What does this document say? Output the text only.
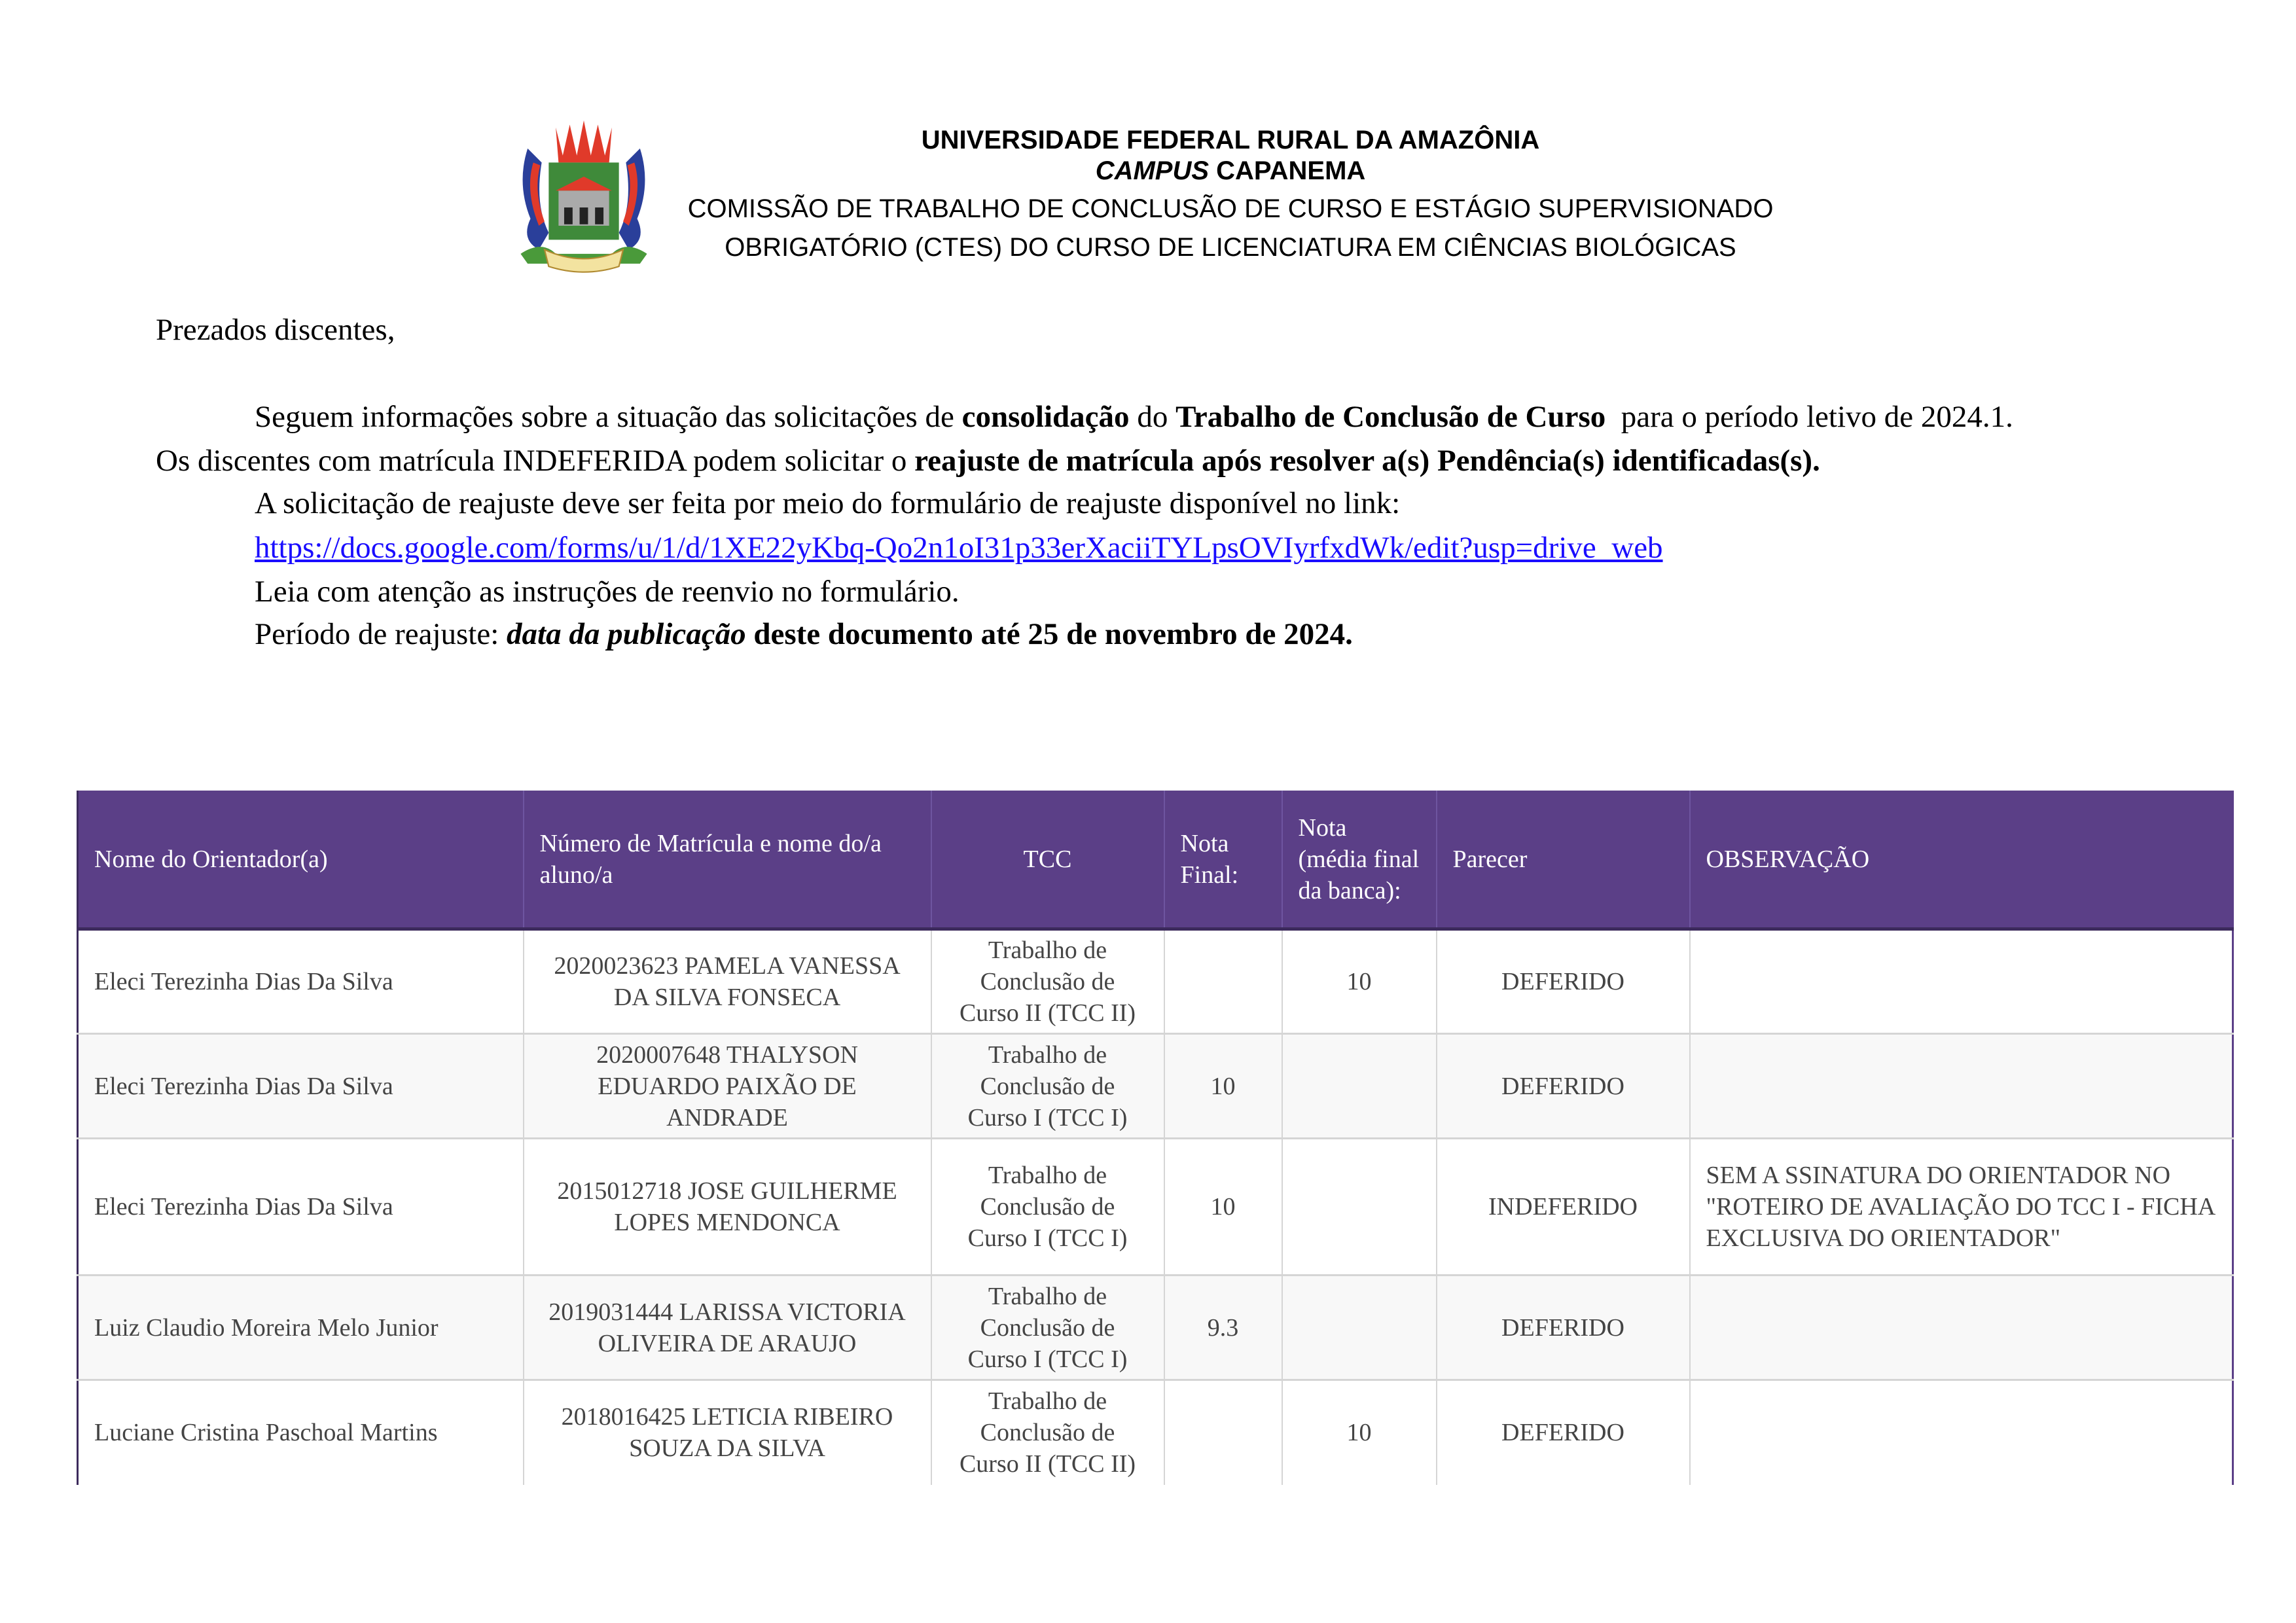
UNIVERSIDADE FEDERAL RURAL DA AMAZÔNIA
CAMPUS CAPANEMA
COMISSÃO DE TRABALHO DE CONCLUSÃO DE CURSO E ESTÁGIO SUPERVISIONADO
OBRIGATÓRIO (CTES) DO CURSO DE LICENCIATURA EM CIÊNCIAS BIOLÓGICAS
Prezados discentes,
Seguem informações sobre a situação das solicitações de consolidação do Trabalho de Conclusão de Curso  para o período letivo de 2024.1.
Os discentes com matrícula INDEFERIDA podem solicitar o reajuste de matrícula após resolver a(s) Pendência(s) identificadas(s).
A solicitação de reajuste deve ser feita por meio do formulário de reajuste disponível no link:
https://docs.google.com/forms/u/1/d/1XE22yKbq-Qo2n1oI31p33erXaciiTYLpsOVIyrfxdWk/edit?usp=drive_web
Leia com atenção as instruções de reenvio no formulário.
Período de reajuste: data da publicação deste documento até 25 de novembro de 2024.
Nome do Orientador(a)	Número de Matrícula e nome do/a aluno/a	TCC	Nota Final:	Nota (média final da banca):	Parecer	OBSERVAÇÃO
Eleci Terezinha Dias Da Silva	2020023623 PAMELA VANESSA DA SILVA FONSECA	Trabalho de Conclusão de Curso II (TCC II)		10	DEFERIDO	
Eleci Terezinha Dias Da Silva	2020007648 THALYSON EDUARDO PAIXÃO DE ANDRADE	Trabalho de Conclusão de Curso I (TCC I)	10		DEFERIDO	
Eleci Terezinha Dias Da Silva	2015012718 JOSE GUILHERME LOPES MENDONCA	Trabalho de Conclusão de Curso I (TCC I)	10		INDEFERIDO	SEM A SSINATURA DO ORIENTADOR NO "ROTEIRO DE AVALIAÇÃO DO TCC I - FICHA EXCLUSIVA DO ORIENTADOR"
Luiz Claudio Moreira Melo Junior	2019031444 LARISSA VICTORIA OLIVEIRA DE ARAUJO	Trabalho de Conclusão de Curso I (TCC I)	9.3		DEFERIDO	
Luciane Cristina Paschoal Martins	2018016425 LETICIA RIBEIRO SOUZA DA SILVA	Trabalho de Conclusão de Curso II (TCC II)		10	DEFERIDO	
